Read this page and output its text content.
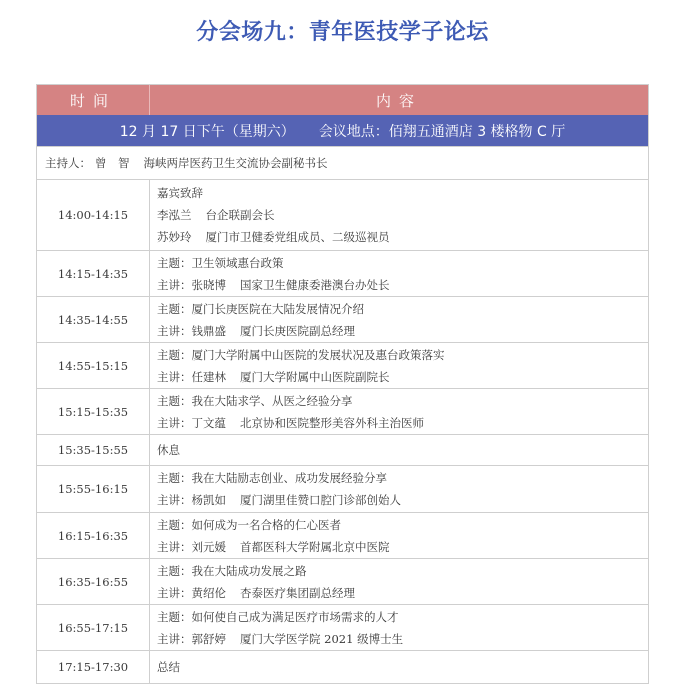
分会场九：青年医技学子论坛
时间	内容
12 月 17 日下午（星期六） 会议地点：佰翔五通酒店 3 楼格物 C 厅
主持人： 曾　智 海峡两岸医药卫生交流协会副秘书长
14:00-14:15
嘉宾致辞
李泓兰 台企联副会长
苏妙玲 厦门市卫健委党组成员、二级巡视员
14:15-14:35
主题：卫生领域惠台政策
主讲：张晓博 国家卫生健康委港澳台办处长
14:35-14:55
主题：厦门长庚医院在大陆发展情况介绍
主讲：钱鼎盛 厦门长庚医院副总经理
14:55-15:15
主题：厦门大学附属中山医院的发展状况及惠台政策落实
主讲：任建林 厦门大学附属中山医院副院长
15:15-15:35
主题：我在大陆求学、从医之经验分享
主讲：丁文蕴 北京协和医院整形美容外科主治医师
15:35-15:55	休息
15:55-16:15
主题：我在大陆励志创业、成功发展经验分享
主讲：杨凯如 厦门湖里佳赞口腔门诊部创始人
16:15-16:35
主题：如何成为一名合格的仁心医者
主讲：刘元媛 首都医科大学附属北京中医院
16:35-16:55
主题：我在大陆成功发展之路
主讲：黄绍伦 杏泰医疗集团副总经理
16:55-17:15
主题：如何使自己成为满足医疗市场需求的人才
主讲：郭舒婷 厦门大学医学院 2021 级博士生
17:15-17:30	总结
